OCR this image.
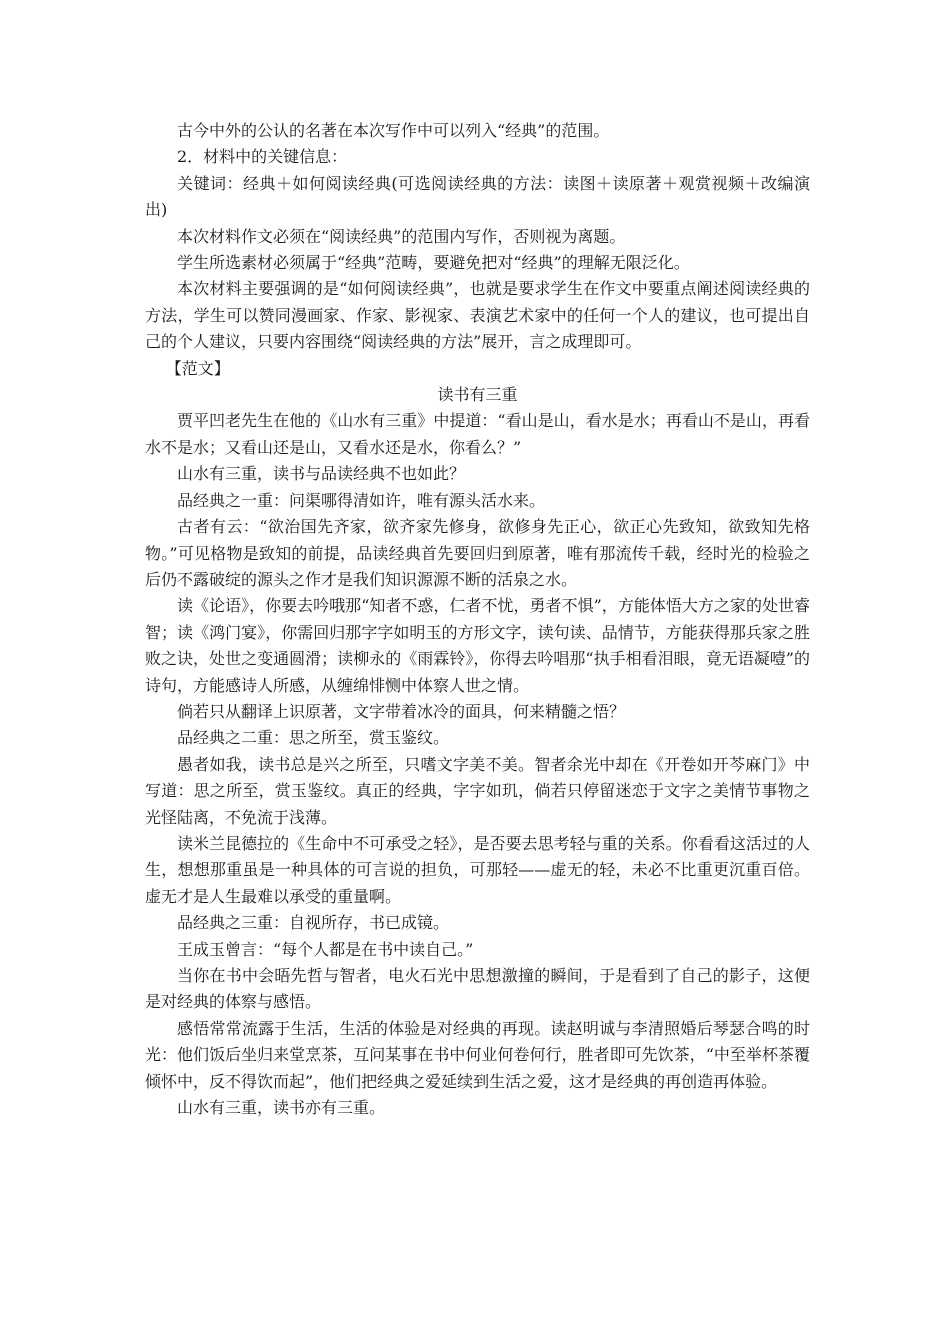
古今中外的公认的名著在本次写作中可以列入“经典”的范围。

2．材料中的关键信息：

关键词：经典＋如何阅读经典(可选阅读经典的方法：读图＋读原著＋观赏视频＋改编演出)

本次材料作文必须在“阅读经典”的范围内写作，否则视为离题。

学生所选素材必须属于“经典”范畴，要避免把对“经典”的理解无限泛化。

本次材料主要强调的是“如何阅读经典”，也就是要求学生在作文中要重点阐述阅读经典的方法，学生可以赞同漫画家、作家、影视家、表演艺术家中的任何一个人的建议，也可提出自己的个人建议，只要内容围绕“阅读经典的方法”展开，言之成理即可。

【范文】

读书有三重

贾平凹老先生在他的《山水有三重》中提道：“看山是山，看水是水；再看山不是山，再看水不是水；又看山还是山，又看水还是水，你看么？”

山水有三重，读书与品读经典不也如此？

品经典之一重：问渠哪得清如许，唯有源头活水来。

古者有云：“欲治国先齐家，欲齐家先修身，欲修身先正心，欲正心先致知，欲致知先格物。”可见格物是致知的前提，品读经典首先要回归到原著，唯有那流传千载，经时光的检验之后仍不露破绽的源头之作才是我们知识源源不断的活泉之水。

读《论语》，你要去吟哦那“知者不惑，仁者不忧，勇者不惧”，方能体悟大方之家的处世睿智；读《鸿门宴》，你需回归那字字如明玉的方形文字，读句读、品情节，方能获得那兵家之胜败之诀，处世之变通圆滑；读柳永的《雨霖铃》，你得去吟唱那“执手相看泪眼，竟无语凝噎”的诗句，方能感诗人所感，从缠绵悱恻中体察人世之情。

倘若只从翻译上识原著，文字带着冰冷的面具，何来精髓之悟？

品经典之二重：思之所至，赏玉鉴纹。

愚者如我，读书总是兴之所至，只嗜文字美不美。智者余光中却在《开卷如开芩麻门》中写道：思之所至，赏玉鉴纹。真正的经典，字字如玑，倘若只停留迷恋于文字之美情节事物之光怪陆离，不免流于浅薄。

读米兰昆德拉的《生命中不可承受之轻》，是否要去思考轻与重的关系。你看看这活过的人生，想想那重虽是一种具体的可言说的担负，可那轻——虚无的轻，未必不比重更沉重百倍。虚无才是人生最难以承受的重量啊。

品经典之三重：自视所存，书已成镜。

王成玉曾言：“每个人都是在书中读自己。”

当你在书中会晤先哲与智者，电火石光中思想激撞的瞬间，于是看到了自己的影子，这便是对经典的体察与感悟。

感悟常常流露于生活，生活的体验是对经典的再现。读赵明诚与李清照婚后琴瑟合鸣的时光：他们饭后坐归来堂烹茶，互问某事在书中何业何卷何行，胜者即可先饮茶，“中至举杯茶覆倾怀中，反不得饮而起”，他们把经典之爱延续到生活之爱，这才是经典的再创造再体验。

山水有三重，读书亦有三重。
